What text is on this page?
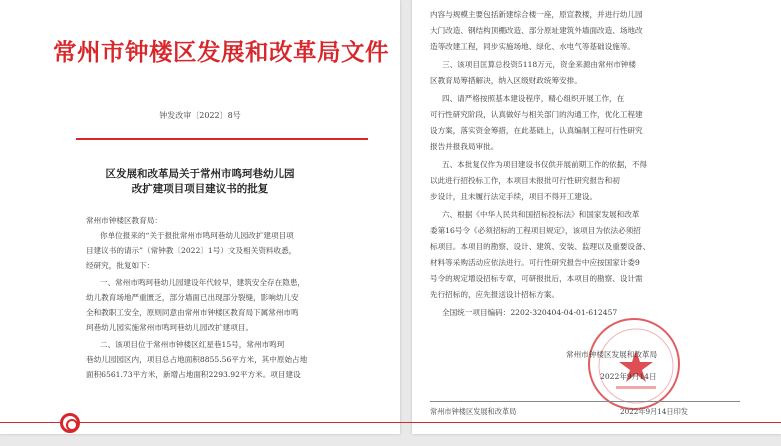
常州市钟楼区发展和改革局文件
钟发改审〔2022〕8号
区发展和改革局关于常州市鸣珂巷幼儿园
改扩建项目项目建议书的批复
常州市钟楼区教育局：
你单位报来的“关于报批常州市鸣珂巷幼儿园改扩建项目项
目建议书的请示”（常钟教〔2022〕1号）文及相关资料收悉，
经研究，批复如下：
一、常州市鸣珂巷幼儿园建设年代较早，建筑安全存在隐患，
幼儿教育场地严重匮乏，部分墙面已出现部分裂缝，影响幼儿安
全和教职工安全，原则同意由常州市钟楼区教育局下属常州市鸣
珂巷幼儿园实施常州市鸣珂巷幼儿园改扩建项目。
二、该项目位于常州市钟楼区红星巷15号，常州市鸣珂
巷幼儿园园区内，项目总占地面积8855.56平方米，其中原始占地
面积6561.73平方米，新增占地面积2293.92平方米。项目建设
内容与规模主要包括新建综合楼一座，原宣教楼，并进行幼儿园
大门改造、钢结构顶棚改造、部分原址建筑外墙面改造、场地改
造等改建工程，同步实施场地、绿化、水电气等基础设施等。
三、该项目匡算总投资5118万元，资金来源由常州市钟楼
区教育局筹措解决，纳入区级财政统筹安排。
四、请严格按照基本建设程序，精心组织开展工作，在
可行性研究阶段，认真做好与相关部门的沟通工作，优化工程建
设方案，落实资金筹措，在此基础上，认真编制工程可行性研究
报告并报我局审批。
五、本批复仅作为项目建设书仅供开展前期工作的依据，不得
以此进行招投标工作，本项目未报批可行性研究报告和初
步设计，且未履行法定手续，项目不得开工建设。
六、根据《中华人民共和国招标投标法》和国家发展和改革
委第16号令《必须招标的工程项目规定》，该项目为依法必须招
标项目。本项目的勘察、设计、建筑、安装、监理以及重要设备、
材料等采购活动应依法进行。可行性研究报告中应按国家计委9
号令的规定增设招标专章，可研报批后，本项目的勘察、设计需
先行招标的，应先报送设计招标方案。
全国统一项目编码：2202-320404-04-01-612457
常州市钟楼区发展和改革局
2022年9月14日
常州市钟楼区发展和改革局	2022年9月14日印发
